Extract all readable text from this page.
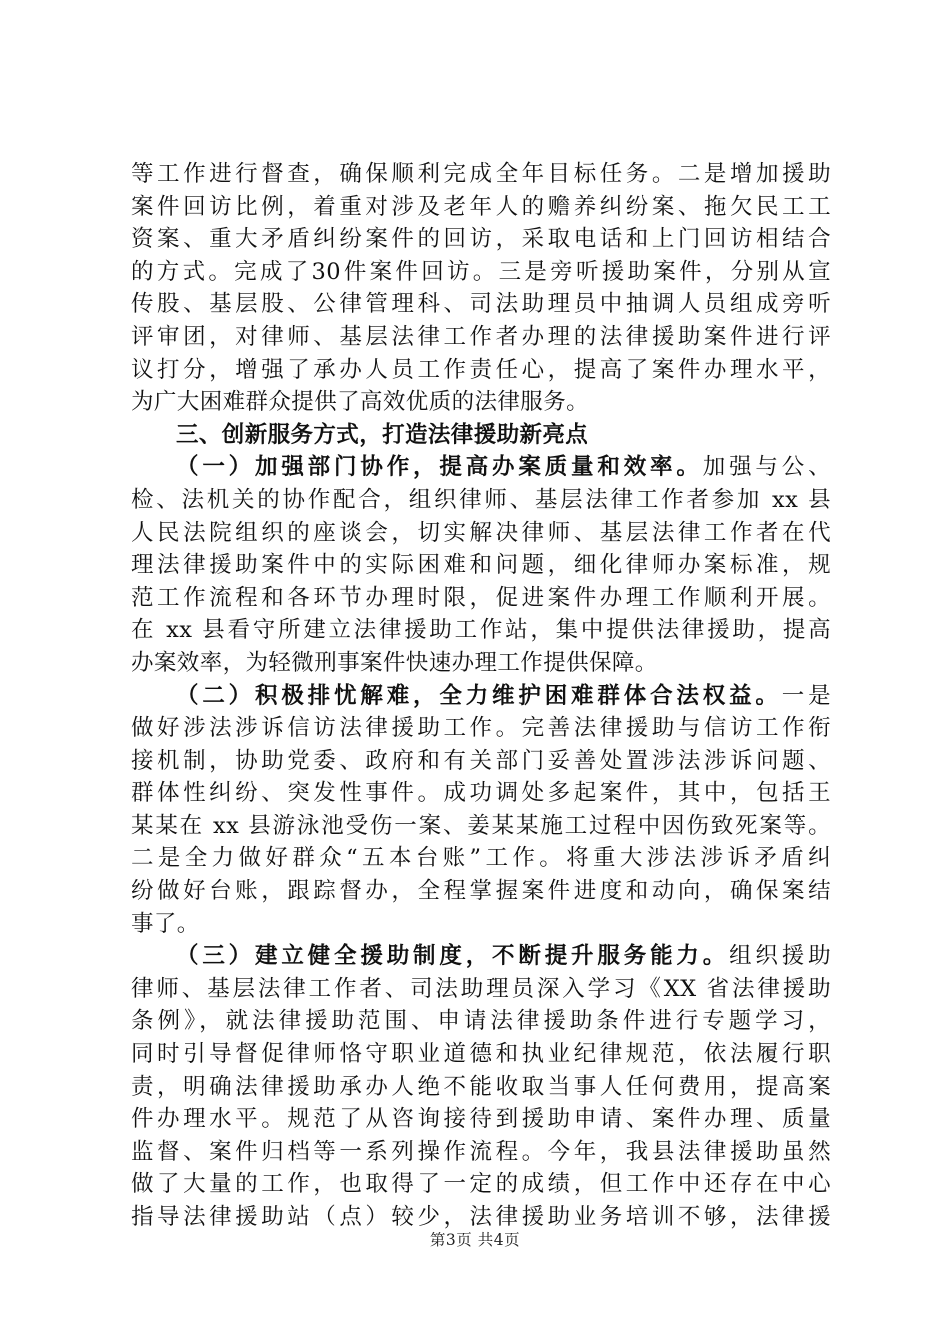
等工作进行督查，确保顺利完成全年目标任务。二是增加援助
案件回访比例，着重对涉及老年人的赡养纠纷案、拖欠民工工
资案、重大矛盾纠纷案件的回访，采取电话和上门回访相结合
的方式。完成了30件案件回访。三是旁听援助案件，分别从宣
传股、基层股、公律管理科、司法助理员中抽调人员组成旁听
评审团，对律师、基层法律工作者办理的法律援助案件进行评
议打分，增强了承办人员工作责任心，提高了案件办理水平，
为广大困难群众提供了高效优质的法律服务。
三、创新服务方式，打造法律援助新亮点
（一）加强部门协作，提高办案质量和效率。加强与公、
检、法机关的协作配合，组织律师、基层法律工作者参加 xx 县
人民法院组织的座谈会，切实解决律师、基层法律工作者在代
理法律援助案件中的实际困难和问题，细化律师办案标准，规
范工作流程和各环节办理时限，促进案件办理工作顺利开展。
在 xx 县看守所建立法律援助工作站，集中提供法律援助，提高
办案效率，为轻微刑事案件快速办理工作提供保障。
（二）积极排忧解难，全力维护困难群体合法权益。一是
做好涉法涉诉信访法律援助工作。完善法律援助与信访工作衔
接机制，协助党委、政府和有关部门妥善处置涉法涉诉问题、
群体性纠纷、突发性事件。成功调处多起案件，其中，包括王
某某在 xx 县游泳池受伤一案、姜某某施工过程中因伤致死案等。
二是全力做好群众“五本台账”工作。将重大涉法涉诉矛盾纠
纷做好台账，跟踪督办，全程掌握案件进度和动向，确保案结
事了。
（三）建立健全援助制度，不断提升服务能力。组织援助
律师、基层法律工作者、司法助理员深入学习《XX 省法律援助
条例》，就法律援助范围、申请法律援助条件进行专题学习，
同时引导督促律师恪守职业道德和执业纪律规范，依法履行职
责，明确法律援助承办人绝不能收取当事人任何费用，提高案
件办理水平。规范了从咨询接待到援助申请、案件办理、质量
监督、案件归档等一系列操作流程。今年，我县法律援助虽然
做了大量的工作，也取得了一定的成绩，但工作中还存在中心
指导法律援助站（点）较少，法律援助业务培训不够，法律援
第3页 共4页
